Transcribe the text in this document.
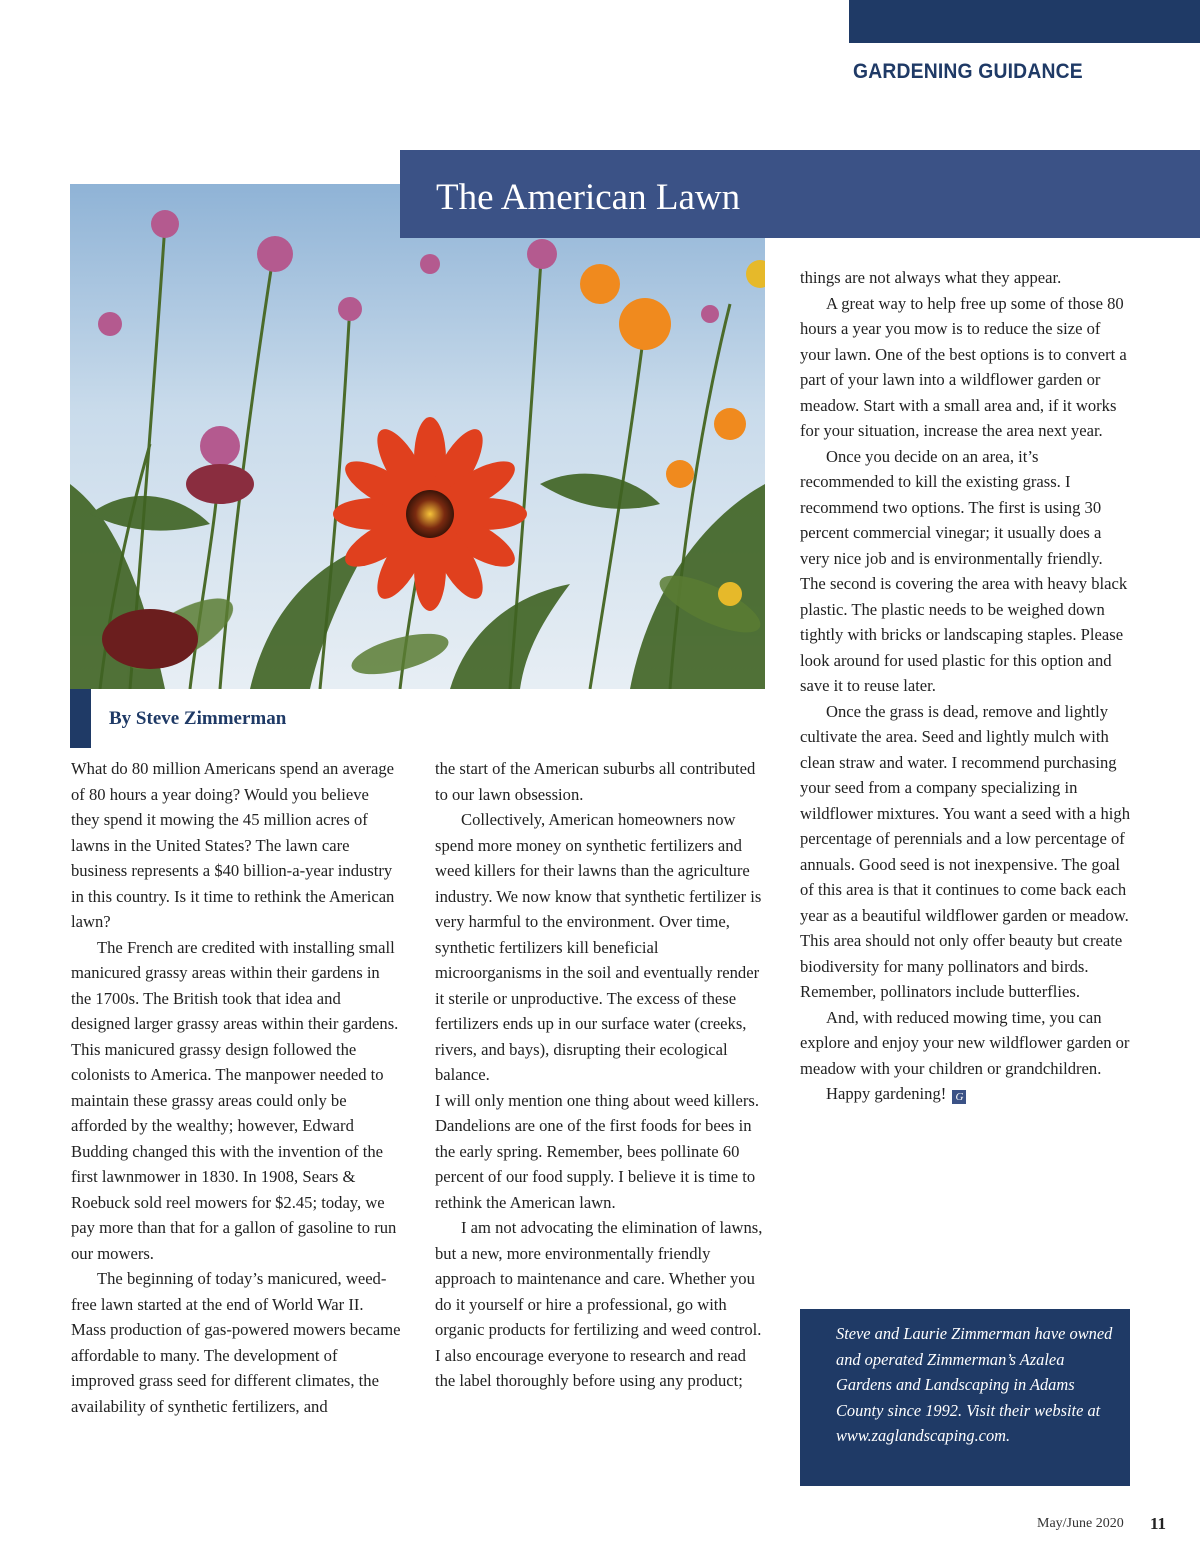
GARDENING GUIDANCE
The American Lawn
By Steve Zimmerman

What do 80 million Americans spend an average of 80 hours a year doing? Would you believe they spend it mowing the 45 million acres of lawns in the United States? The lawn care business represents a $40 billion-a-year industry in this country. Is it time to rethink the American lawn?

The French are credited with installing small manicured grassy areas within their gardens in the 1700s. The British took that idea and designed larger grassy areas within their gardens. This manicured grassy design followed the colonists to America. The manpower needed to maintain these grassy areas could only be afforded by the wealthy; however, Edward Budding changed this with the invention of the first lawnmower in 1830. In 1908, Sears & Roebuck sold reel mowers for $2.45; today, we pay more than that for a gallon of gasoline to run our mowers.

The beginning of today’s manicured, weed-free lawn started at the end of World War II. Mass production of gas-powered mowers became affordable to many. The development of improved grass seed for different climates, the availability of synthetic fertilizers, and

the start of the American suburbs all contributed to our lawn obsession.

Collectively, American homeowners now spend more money on synthetic fertilizers and weed killers for their lawns than the agriculture industry. We now know that synthetic fertilizer is very harmful to the environment. Over time, synthetic fertilizers kill beneficial microorganisms in the soil and eventually render it sterile or unproductive. The excess of these fertilizers ends up in our surface water (creeks, rivers, and bays), disrupting their ecological balance.

I will only mention one thing about weed killers. Dandelions are one of the first foods for bees in the early spring. Remember, bees pollinate 60 percent of our food supply. I believe it is time to rethink the American lawn.

I am not advocating the elimination of lawns, but a new, more environmentally friendly approach to maintenance and care. Whether you do it yourself or hire a professional, go with organic products for fertilizing and weed control. I also encourage everyone to research and read the label thoroughly before using any product;

things are not always what they appear.

A great way to help free up some of those 80 hours a year you mow is to reduce the size of your lawn. One of the best options is to convert a part of your lawn into a wildflower garden or meadow. Start with a small area and, if it works for your situation, increase the area next year.

Once you decide on an area, it’s recommended to kill the existing grass. I recommend two options. The first is using 30 percent commercial vinegar; it usually does a very nice job and is environmentally friendly. The second is covering the area with heavy black plastic. The plastic needs to be weighed down tightly with bricks or landscaping staples. Please look around for used plastic for this option and save it to reuse later.

Once the grass is dead, remove and lightly cultivate the area. Seed and lightly mulch with clean straw and water. I recommend purchasing your seed from a company specializing in wildflower mixtures. You want a seed with a high percentage of perennials and a low percentage of annuals. Good seed is not inexpensive. The goal of this area is that it continues to come back each year as a beautiful wildflower garden or meadow. This area should not only offer beauty but create biodiversity for many pollinators and birds. Remember, pollinators include butterflies.

And, with reduced mowing time, you can explore and enjoy your new wildflower garden or meadow with your children or grandchildren.

Happy gardening! G

Steve and Laurie Zimmerman have owned and operated Zimmerman’s Azalea Gardens and Landscaping in Adams County since 1992. Visit their website at www.zaglandscaping.com.
May/June 2020 11
